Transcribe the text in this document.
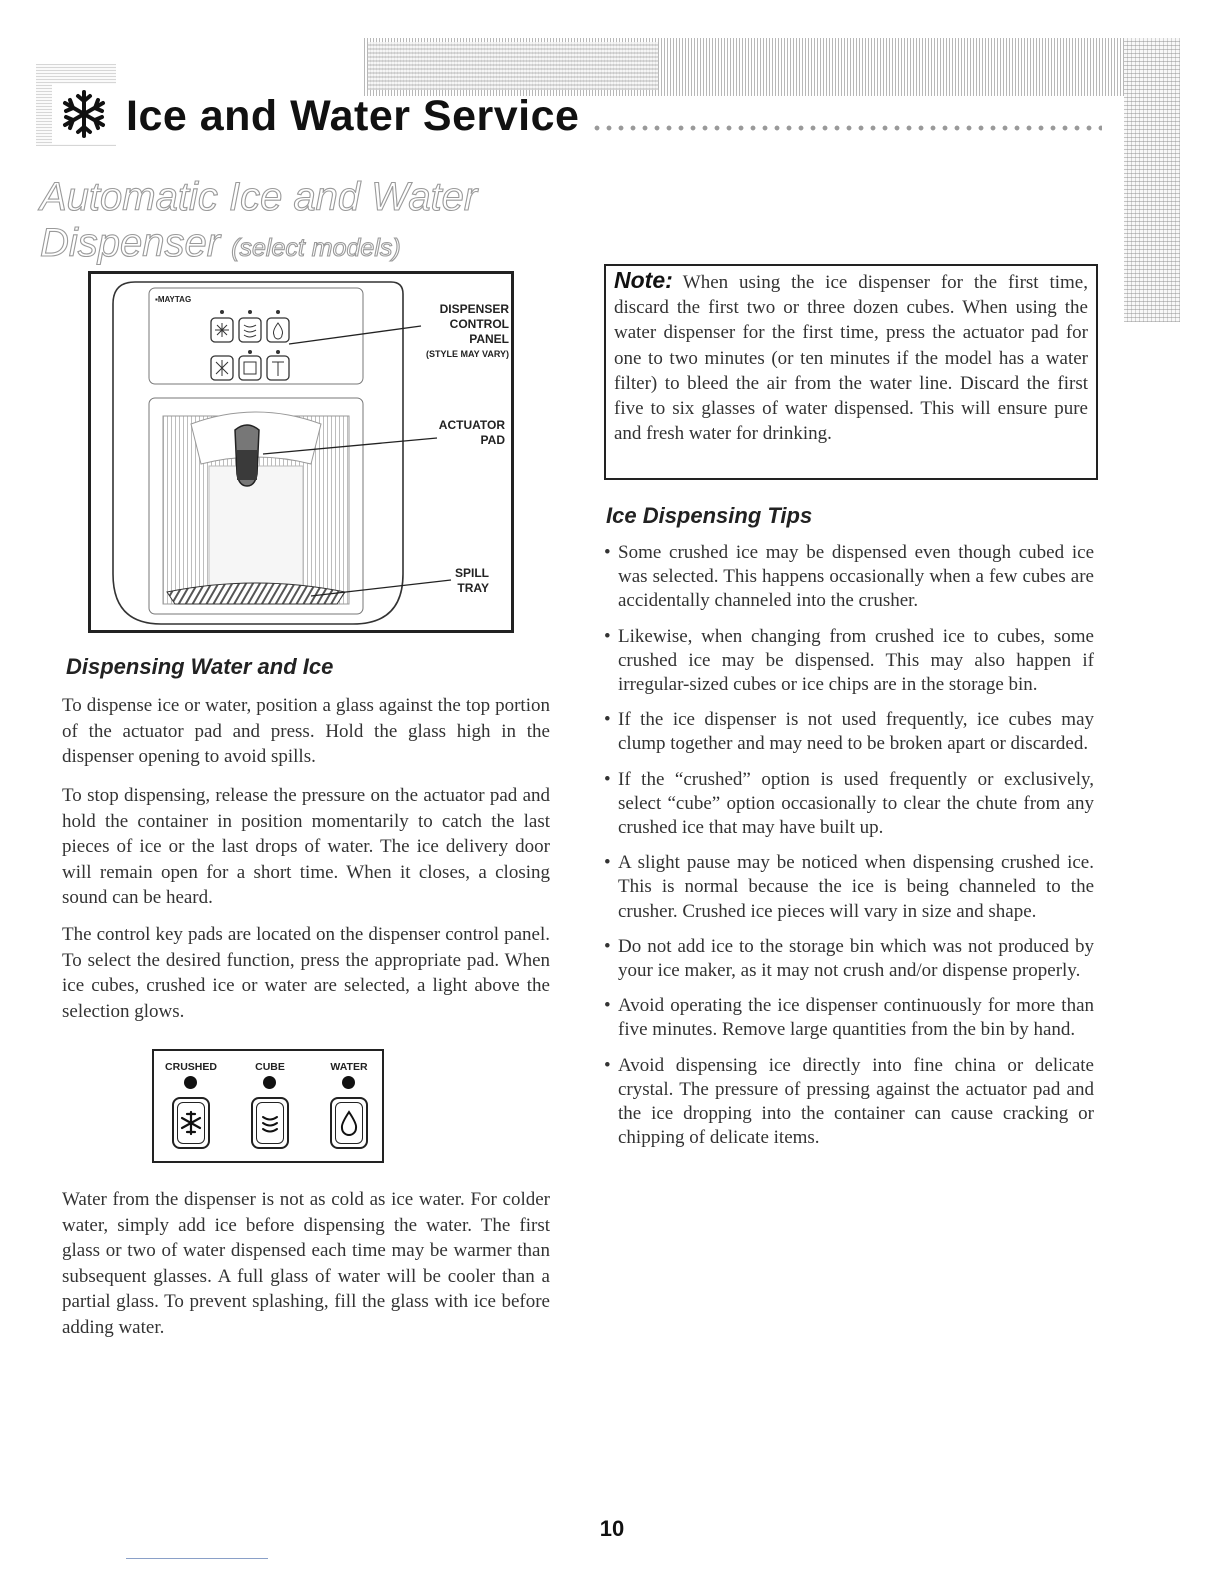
Ice and Water Service
Automatic Ice and Water
Dispenser (select models)
▪MAYTAG
DISPENSER
CONTROL
PANEL
(STYLE MAY VARY)
ACTUATOR
PAD
SPILL
TRAY
Dispensing Water and Ice

To dispense ice or water, position a glass against the top portion of the actuator pad and press. Hold the glass high in the dispenser opening to avoid spills.

To stop dispensing, release the pressure on the actuator pad and hold the container in position momentarily to catch the last pieces of ice or the last drops of water. The ice delivery door will remain open for a short time. When it closes, a closing sound can be heard.

The control key pads are located on the dispenser control panel. To select the desired function, press the appropriate pad. When ice cubes, crushed ice or water are selected, a light above the selection glows.

CRUSHED	CUBE	WATER

Water from the dispenser is not as cold as ice water. For colder water, simply add ice before dispensing the water. The first glass or two of water dispensed each time may be warmer than subsequent glasses. A full glass of water will be cooler than a partial glass. To prevent splashing, fill the glass with ice before adding water.

Note: When using the ice dispenser for the first time, discard the first two or three dozen cubes. When using the water dispenser for the first time, press the actuator pad for one to two minutes (or ten minutes if the model has a water filter) to bleed the air from the water line. Discard the first five to six glasses of water dispensed. This will ensure pure and fresh water for drinking.

Ice Dispensing Tips
• Some crushed ice may be dispensed even though cubed ice was selected. This happens occasionally when a few cubes are accidentally channeled into the crusher.
• Likewise, when changing from crushed ice to cubes, some crushed ice may be dispensed. This may also happen if irregular-sized cubes or ice chips are in the storage bin.
• If the ice dispenser is not used frequently, ice cubes may clump together and may need to be broken apart or discarded.
• If the “crushed” option is used frequently or exclusively, select “cube” option occasionally to clear the chute from any crushed ice that may have built up.
• A slight pause may be noticed when dispensing crushed ice. This is normal because the ice is being channeled to the crusher. Crushed ice pieces will vary in size and shape.
• Do not add ice to the storage bin which was not produced by your ice maker, as it may not crush and/or dispense properly.
• Avoid operating the ice dispenser continuously for more than five minutes. Remove large quantities from the bin by hand.
• Avoid dispensing ice directly into fine china or delicate crystal. The pressure of pressing against the actuator pad and the ice dropping into the container can cause cracking or chipping of delicate items.
10
